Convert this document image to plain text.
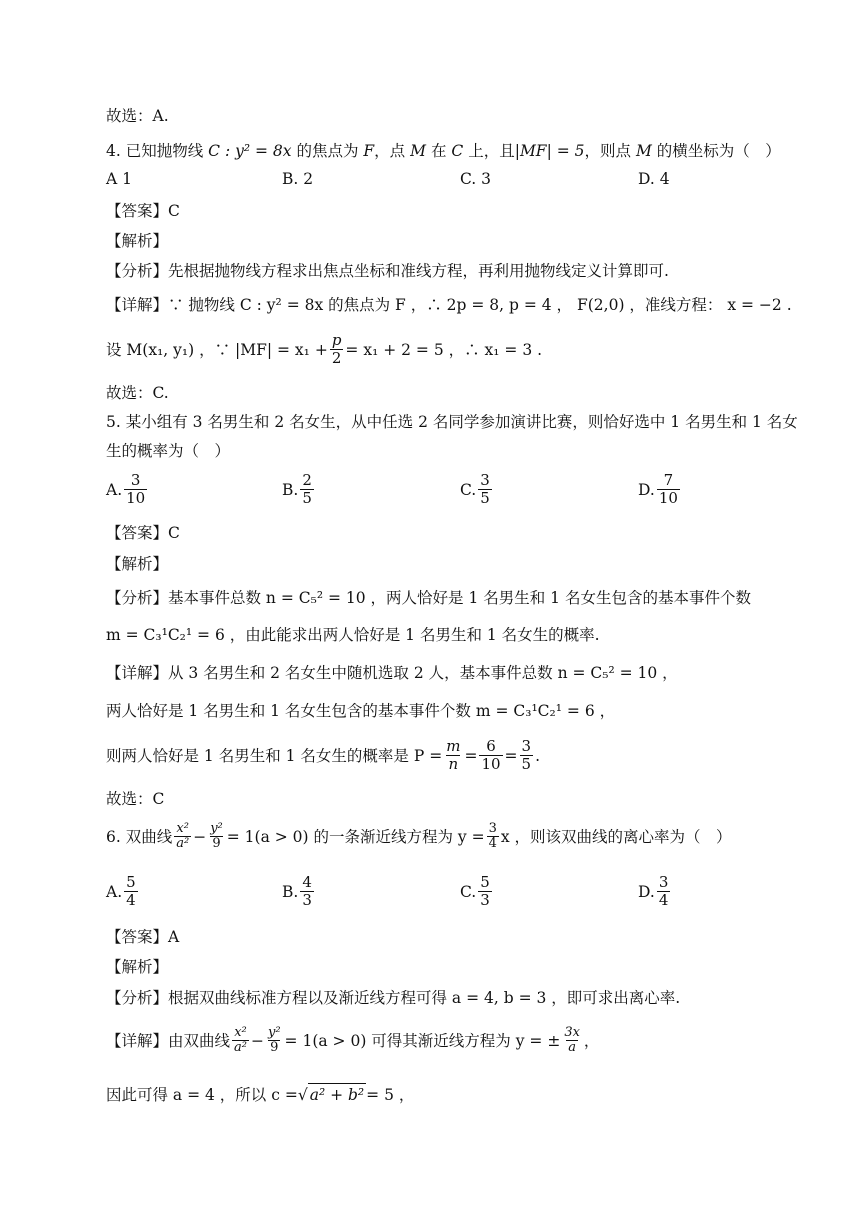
故选：A.
4. 已知抛物线 C : y² = 8x 的焦点为 F，点 M 在 C 上，且|MF| = 5，则点 M 的横坐标为（　）
A 1	B. 2	C. 3	D. 4
【答案】C
【解析】
【分析】先根据抛物线方程求出焦点坐标和准线方程，再利用抛物线定义计算即可.
【详解】∵ 抛物线 C : y² = 8x 的焦点为 F ，∴ 2p = 8, p = 4 ， F(2,0) ，准线方程： x = −2 .
设 M(x₁, y₁) ，∵ $|MF| = x_1 + \frac{p}{2} = x_1 + 2 = 5$ ，∴ x₁ = 3 .
故选：C.
5. 某小组有 3 名男生和 2 名女生，从中任选 2 名同学参加演讲比赛，则恰好选中 1 名男生和 1 名女
生的概率为（　）
A. $\frac{3}{10}$	B. $\frac{2}{5}$	C. $\frac{3}{5}$	D. $\frac{7}{10}$
【答案】C
【解析】
【分析】基本事件总数 n = C₅² = 10 ，两人恰好是 1 名男生和 1 名女生包含的基本事件个数
m = C₃¹C₂¹ = 6 ，由此能求出两人恰好是 1 名男生和 1 名女生的概率.
【详解】从 3 名男生和 2 名女生中随机选取 2 人，基本事件总数 n = C₅² = 10 ，
两人恰好是 1 名男生和 1 名女生包含的基本事件个数 m = C₃¹C₂¹ = 6 ，
则两人恰好是 1 名男生和 1 名女生的概率是 $P = \frac{m}{n} = \frac{6}{10} = \frac{3}{5}$ .
故选：C
6. 双曲线 $\frac{\text{x²}}{\text{a²}} - \frac{\text{y²}}{9} = 1(a > 0)$ 的一条渐近线方程为 $y = \frac{3}{4}$ x ，则该双曲线的离心率为（　）
A. $\frac{5}{4}$	B. $\frac{4}{3}$	C. $\frac{5}{3}$	D. $\frac{3}{4}$
【答案】A
【解析】
【分析】根据双曲线标准方程以及渐近线方程可得 a = 4, b = 3 ，即可求出离心率.
【详解】由双曲线 $\frac{\text{x²}}{\text{a²}} - \frac{\text{y²}}{9} = 1(a > 0)$ 可得其渐近线方程为 y = ± $\frac{3x}{a}$ ，
因此可得 a = 4 ，所以 c = √ a² + b² = 5 ，
